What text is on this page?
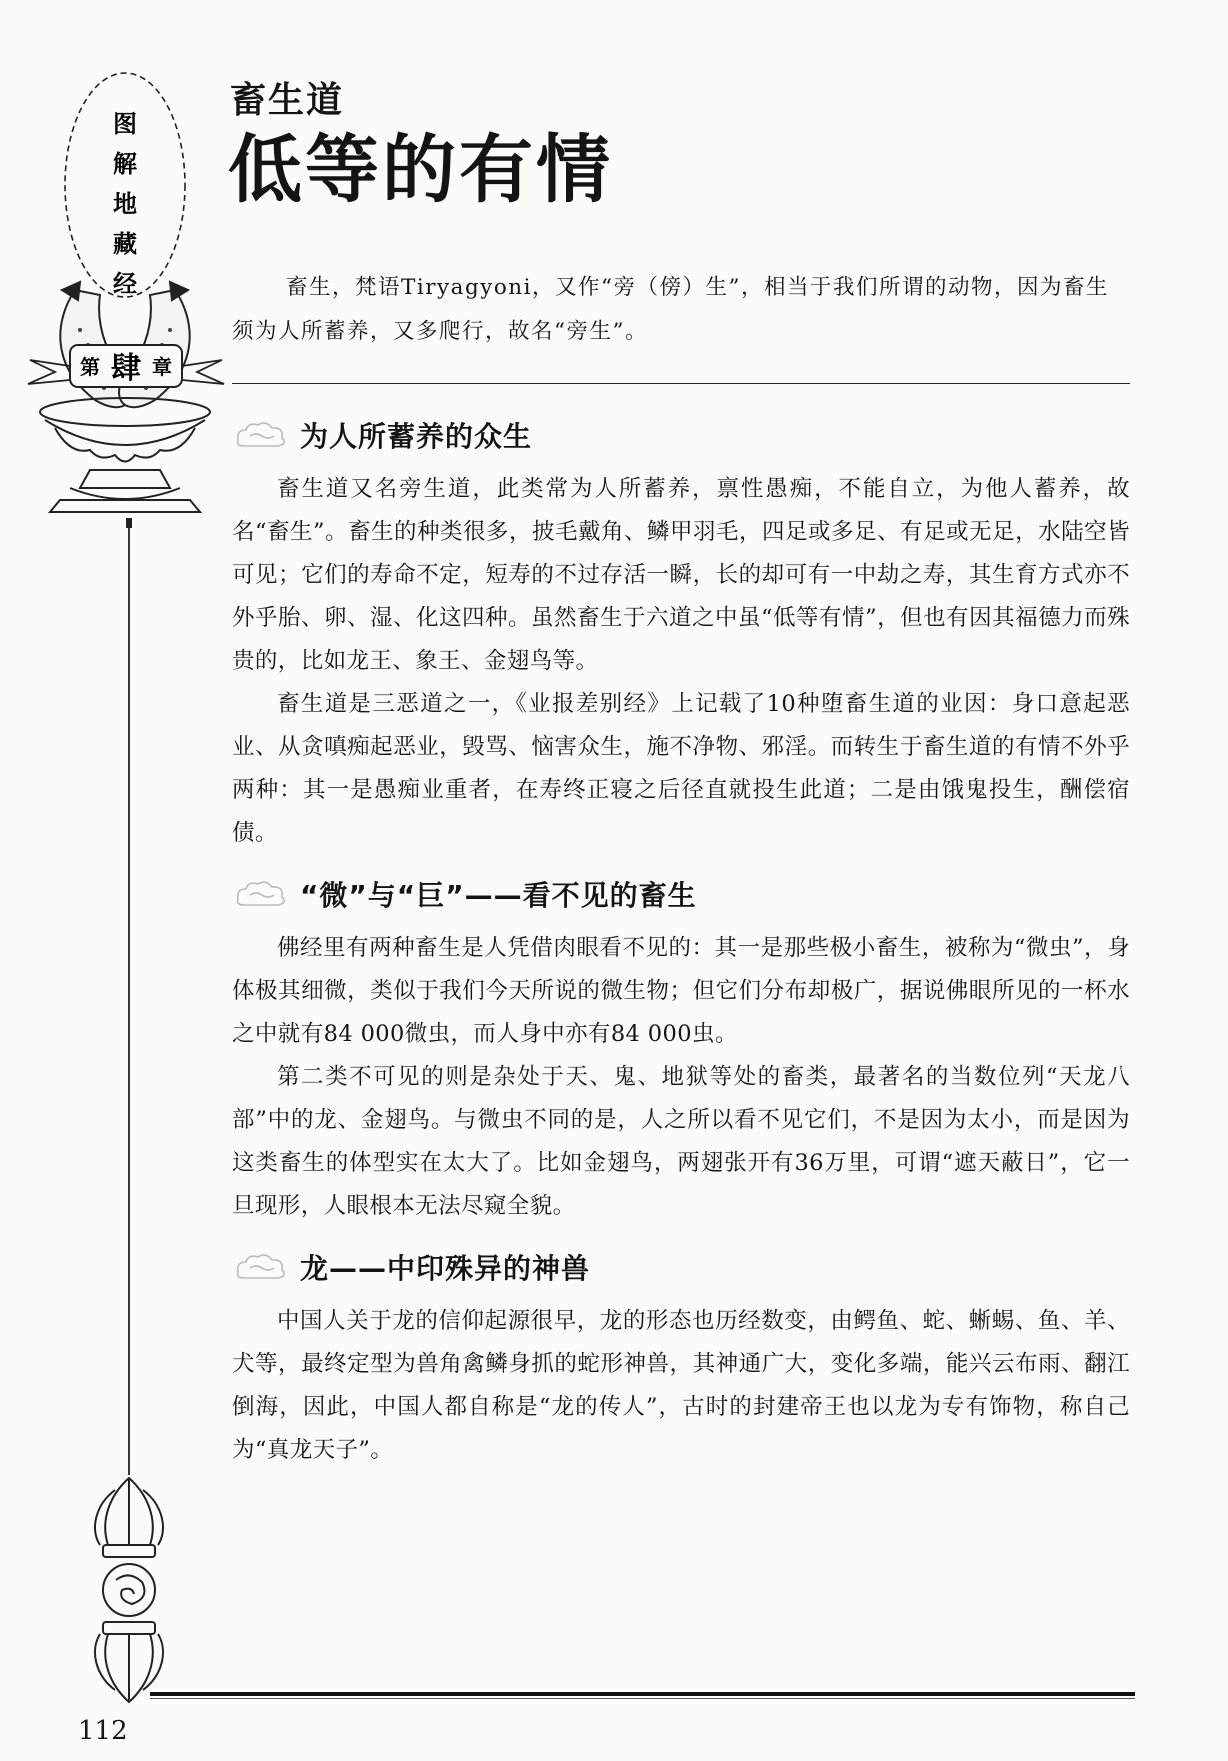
图
解
地
藏
经
第 肆 章
畜生道
低等的有情

畜生，梵语Tiryagyoni，又作“旁（傍）生”，相当于我们所谓的动物，因为畜生须为人所蓄养，又多爬行，故名“旁生”。

为人所蓄养的众生

畜生道又名旁生道，此类常为人所蓄养，禀性愚痴，不能自立，为他人蓄养，故名“畜生”。畜生的种类很多，披毛戴角、鳞甲羽毛，四足或多足、有足或无足，水陆空皆可见；它们的寿命不定，短寿的不过存活一瞬，长的却可有一中劫之寿，其生育方式亦不外乎胎、卵、湿、化这四种。虽然畜生于六道之中虽“低等有情”，但也有因其福德力而殊贵的，比如龙王、象王、金翅鸟等。

畜生道是三恶道之一，《业报差别经》上记载了10种堕畜生道的业因：身口意起恶业、从贪嗔痴起恶业，毁骂、恼害众生，施不净物、邪淫。而转生于畜生道的有情不外乎两种：其一是愚痴业重者，在寿终正寝之后径直就投生此道；二是由饿鬼投生，酬偿宿债。

“微”与“巨”——看不见的畜生

佛经里有两种畜生是人凭借肉眼看不见的：其一是那些极小畜生，被称为“微虫”，身体极其细微，类似于我们今天所说的微生物；但它们分布却极广，据说佛眼所见的一杯水之中就有84 000微虫，而人身中亦有84 000虫。

第二类不可见的则是杂处于天、鬼、地狱等处的畜类，最著名的当数位列“天龙八部”中的龙、金翅鸟。与微虫不同的是，人之所以看不见它们，不是因为太小，而是因为这类畜生的体型实在太大了。比如金翅鸟，两翅张开有36万里，可谓“遮天蔽日”，它一旦现形，人眼根本无法尽窥全貌。

龙——中印殊异的神兽

中国人关于龙的信仰起源很早，龙的形态也历经数变，由鳄鱼、蛇、蜥蜴、鱼、羊、犬等，最终定型为兽角禽鳞身抓的蛇形神兽，其神通广大，变化多端，能兴云布雨、翻江倒海，因此，中国人都自称是“龙的传人”，古时的封建帝王也以龙为专有饰物，称自己为“真龙天子”。

112
